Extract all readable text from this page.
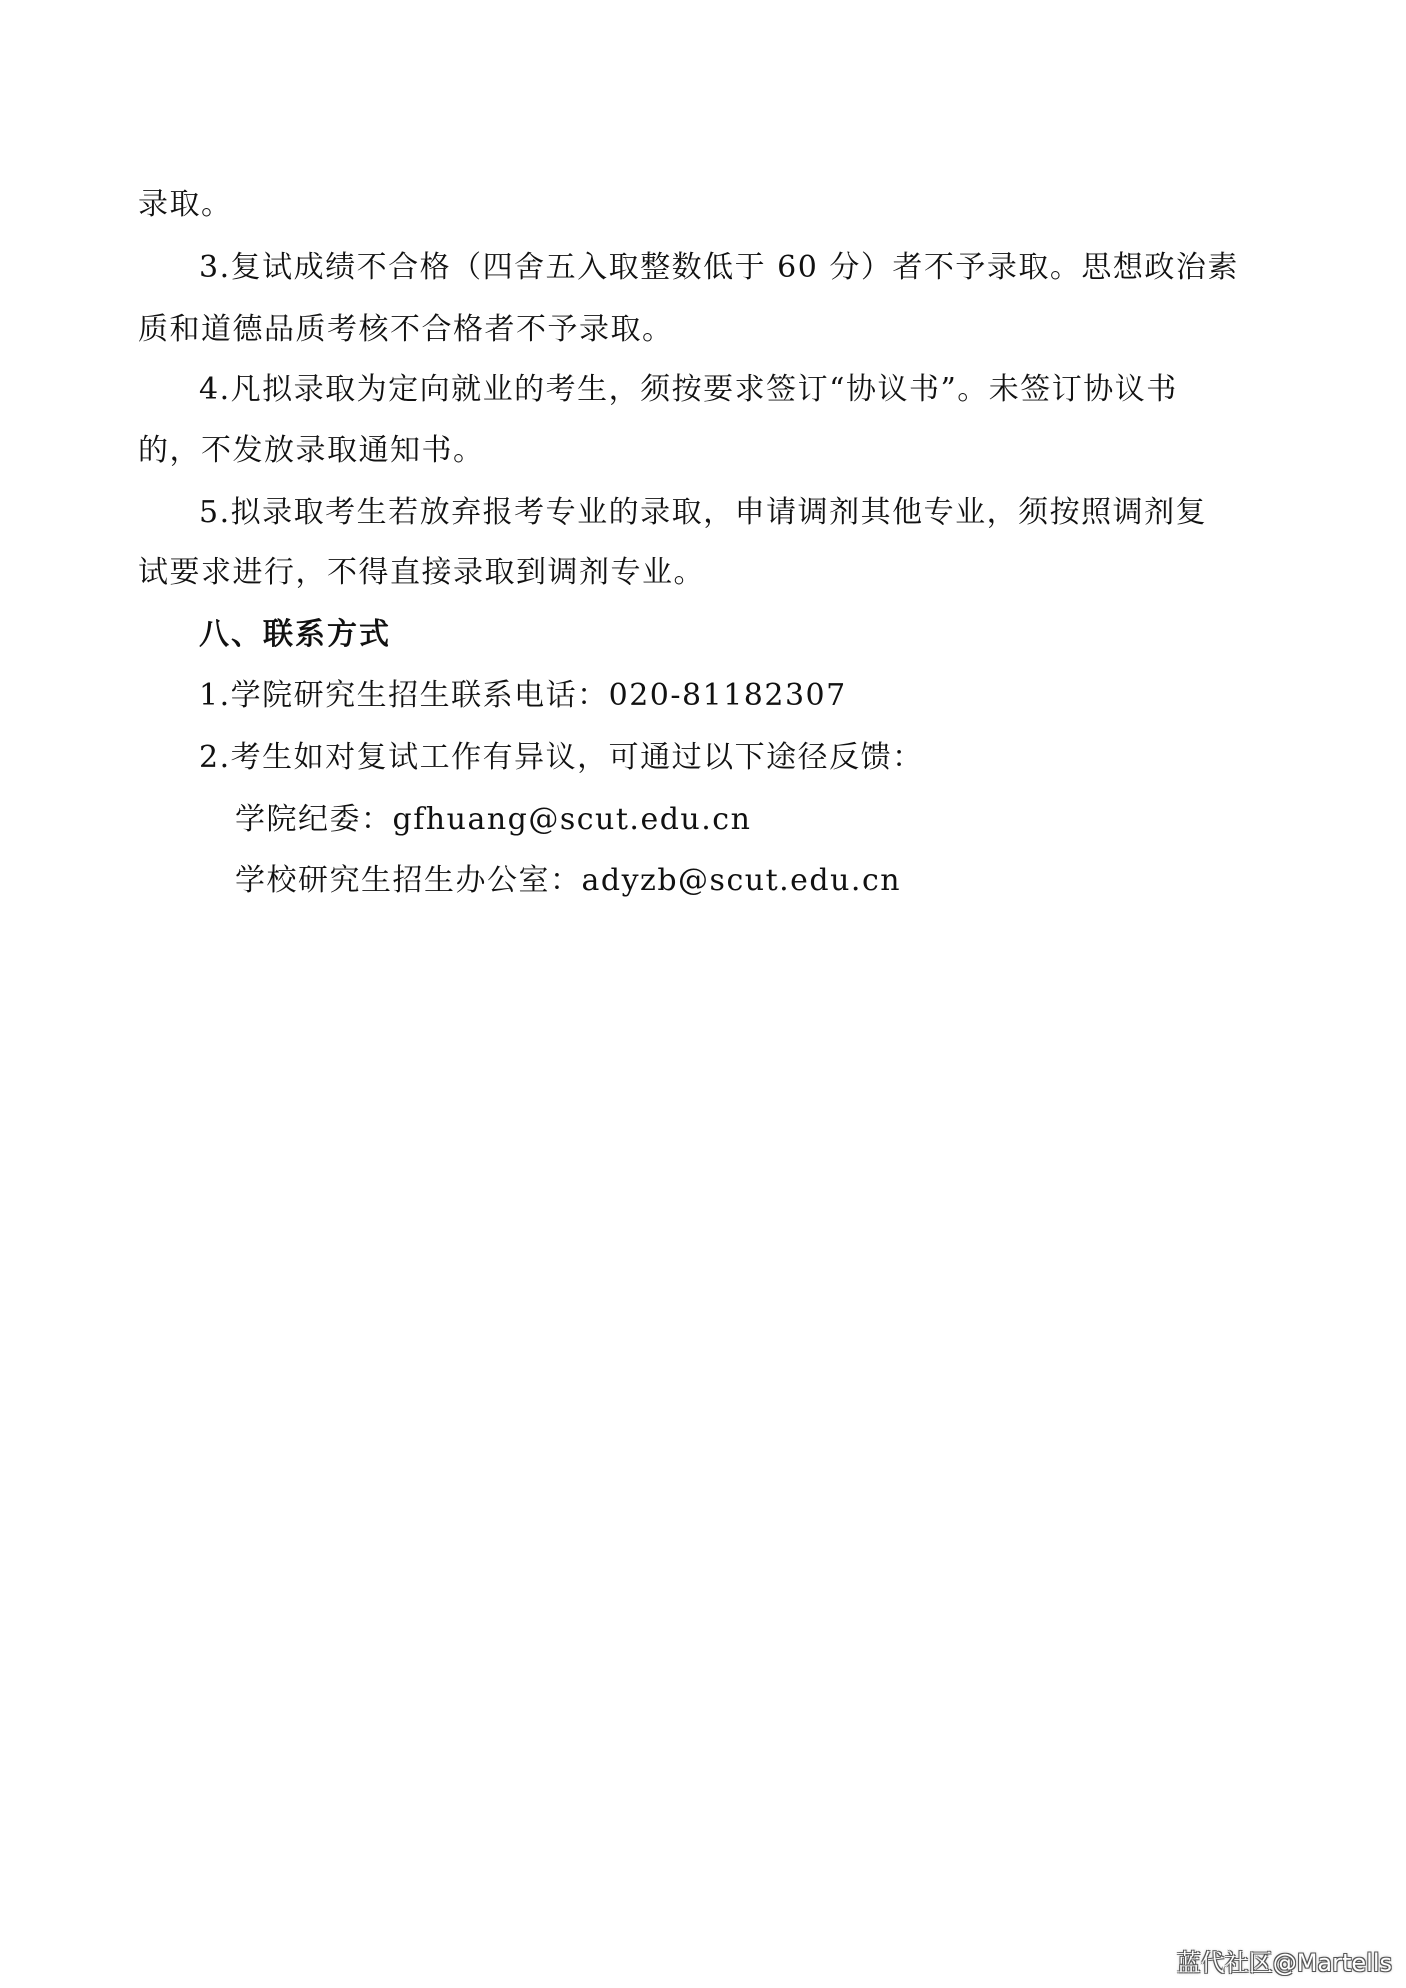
录取。
3.复试成绩不合格（四舍五入取整数低于 60 分）者不予录取。思想政治素
质和道德品质考核不合格者不予录取。
4.凡拟录取为定向就业的考生，须按要求签订“协议书”。未签订协议书
的，不发放录取通知书。
5.拟录取考生若放弃报考专业的录取，申请调剂其他专业，须按照调剂复
试要求进行，不得直接录取到调剂专业。
八、联系方式
1.学院研究生招生联系电话：020-81182307
2.考生如对复试工作有异议，可通过以下途径反馈：
学院纪委：gfhuang@scut.edu.cn
学校研究生招生办公室：adyzb@scut.edu.cn
蓝代社区@Martells
